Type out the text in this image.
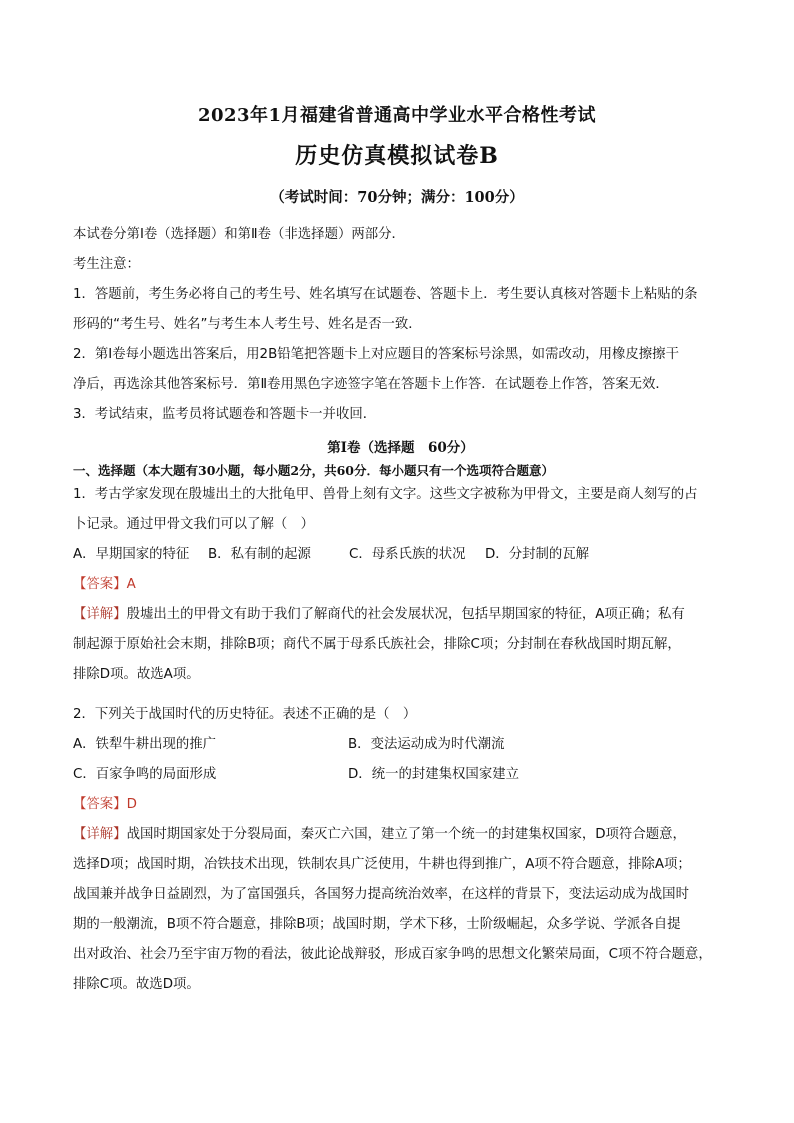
2023年1月福建省普通高中学业水平合格性考试
历史仿真模拟试卷B
（考试时间：70分钟；满分：100分）
本试卷分第Ⅰ卷（选择题）和第Ⅱ卷（非选择题）两部分．
考生注意：
1．答题前，考生务必将自己的考生号、姓名填写在试题卷、答题卡上．考生要认真核对答题卡上粘贴的条
形码的“考生号、姓名”与考生本人考生号、姓名是否一致．
2．第Ⅰ卷每小题选出答案后，用2B铅笔把答题卡上对应题目的答案标号涂黑，如需改动，用橡皮擦擦干
净后，再选涂其他答案标号．第Ⅱ卷用黑色字迹签字笔在答题卡上作答．在试题卷上作答，答案无效．
3．考试结束，监考员将试题卷和答题卡一并收回．
第Ⅰ卷（选择题　60分）
一、选择题（本大题有30小题，每小题2分，共60分．每小题只有一个选项符合题意）
1．考古学家发现在殷墟出土的大批龟甲、兽骨上刻有文字。这些文字被称为甲骨文，主要是商人刻写的占
卜记录。通过甲骨文我们可以了解（　）
A．早期国家的特征	B．私有制的起源	C．母系氏族的状况	D．分封制的瓦解
【答案】A
【详解】殷墟出土的甲骨文有助于我们了解商代的社会发展状况，包括早期国家的特征，A项正确；私有
制起源于原始社会末期，排除B项；商代不属于母系氏族社会，排除C项；分封制在春秋战国时期瓦解，
排除D项。故选A项。
2．下列关于战国时代的历史特征。表述不正确的是（　）
A．铁犁牛耕出现的推广	B．变法运动成为时代潮流
C．百家争鸣的局面形成	D．统一的封建集权国家建立
【答案】D
【详解】战国时期国家处于分裂局面，秦灭亡六国，建立了第一个统一的封建集权国家，D项符合题意，
选择D项；战国时期，冶铁技术出现，铁制农具广泛使用，牛耕也得到推广，A项不符合题意，排除A项；
战国兼并战争日益剧烈，为了富国强兵，各国努力提高统治效率，在这样的背景下，变法运动成为战国时
期的一般潮流，B项不符合题意，排除B项；战国时期，学术下移，士阶级崛起，众多学说、学派各自提
出对政治、社会乃至宇宙万物的看法，彼此论战辩驳，形成百家争鸣的思想文化繁荣局面，C项不符合题意，
排除C项。故选D项。
